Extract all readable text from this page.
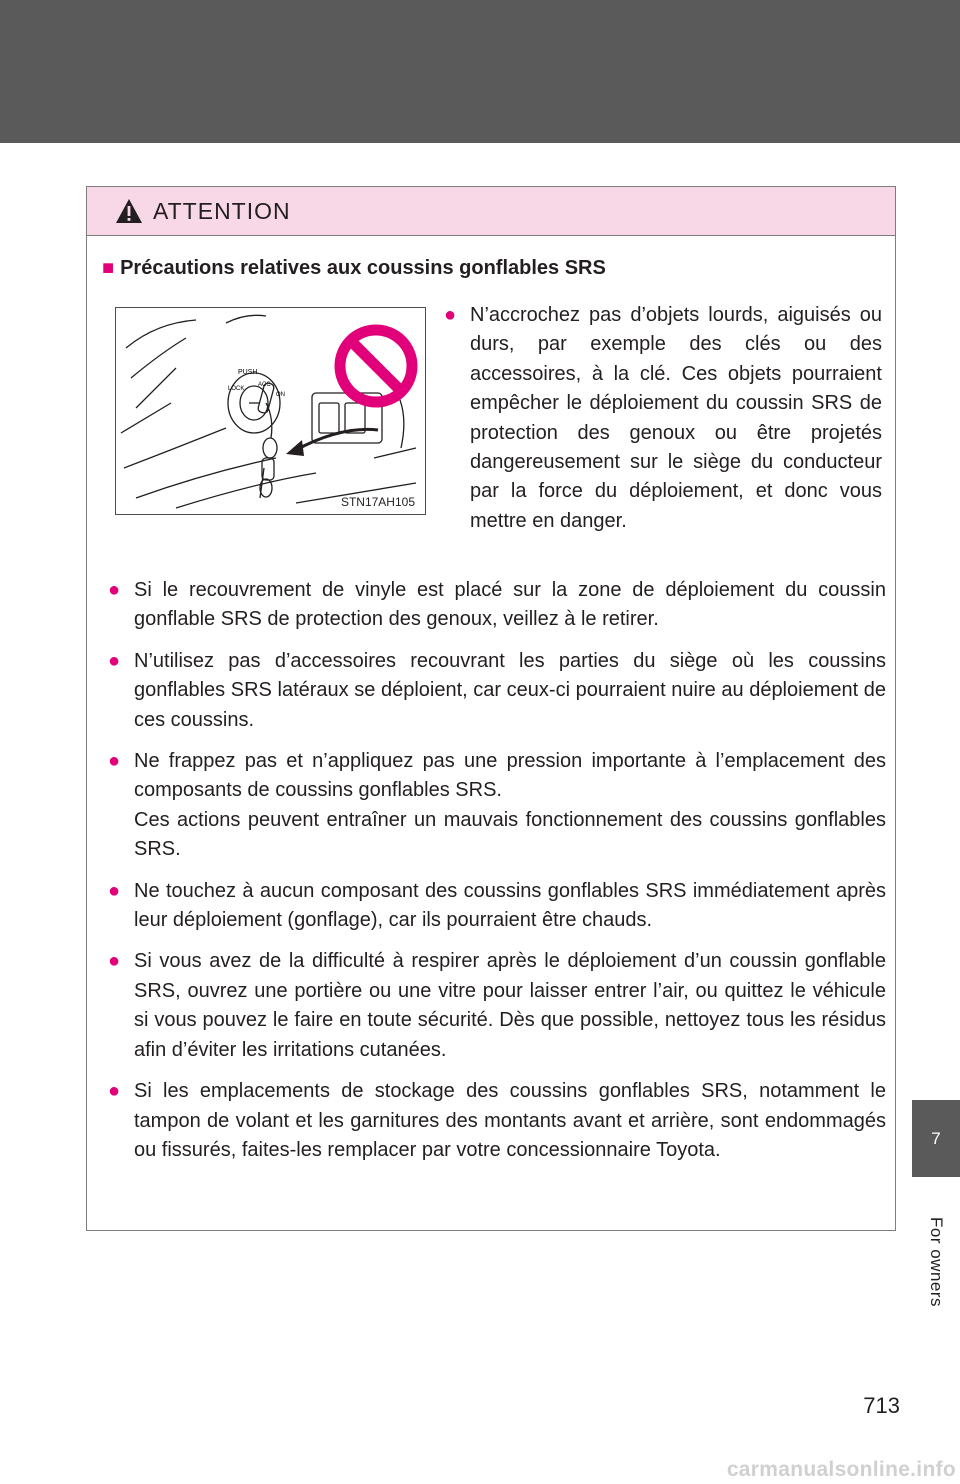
7
For owners
ATTENTION
■ Précautions relatives aux coussins gonflables SRS
PUSH
ACC
ON
LOCK
STN17AH105
● N’accrochez pas d’objets lourds, aiguisés ou durs, par exemple des clés ou des accessoires, à la clé. Ces objets pourraient empêcher le déploiement du coussin SRS de protection des genoux ou être projetés dangereusement sur le siège du conducteur par la force du déploiement, et donc vous mettre en danger.
● Si le recouvrement de vinyle est placé sur la zone de déploiement du coussin gonflable SRS de protection des genoux, veillez à le retirer.

● N’utilisez pas d’accessoires recouvrant les parties du siège où les coussins gonflables SRS latéraux se déploient, car ceux-ci pourraient nuire au déploiement de ces coussins.

● Ne frappez pas et n’appliquez pas une pression importante à l’emplacement des composants de coussins gonflables SRS.

Ces actions peuvent entraîner un mauvais fonctionnement des coussins gonflables SRS.

● Ne touchez à aucun composant des coussins gonflables SRS immédiatement après leur déploiement (gonflage), car ils pourraient être chauds.

● Si vous avez de la difficulté à respirer après le déploiement d’un coussin gonflable SRS, ouvrez une portière ou une vitre pour laisser entrer l’air, ou quittez le véhicule si vous pouvez le faire en toute sécurité. Dès que possible, nettoyez tous les résidus afin d’éviter les irritations cutanées.

● Si les emplacements de stockage des coussins gonflables SRS, notamment le tampon de volant et les garnitures des montants avant et arrière, sont endommagés ou fissurés, faites-les remplacer par votre concessionnaire Toyota.

713
carmanualsonline.info
